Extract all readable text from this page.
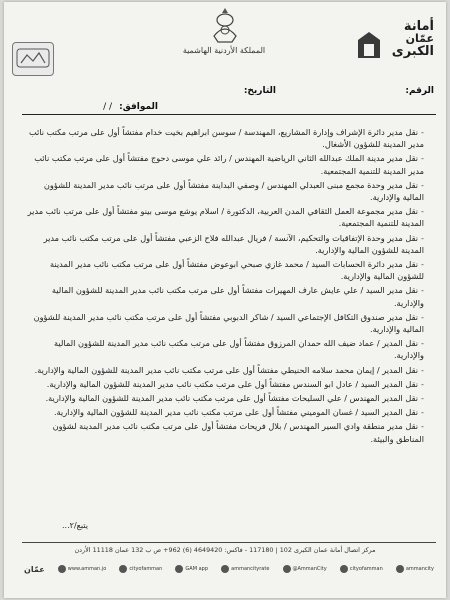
المملكة الأردنية الهاشمية
أمانة
عمّان
الكبرى
الرقم:
التاريخ:
الموافق:
/ /

-نقل مدير دائرة الإشراف وإدارة المشاريع، المهندسة / سوسن ابراهيم بخيت خدام مفتشاً أول على مرتب مكتب نائب مدير المدينة للشؤون الأشغال.

-نقل مدير مدينة الملك عبدالله الثاني الرياضية المهندس / رائد علي موسى دحوج مفتشاً أول على مرتب مكتب نائب مدير المدينة للتنمية المجتمعية.

-نقل مدير وحدة مجمع مبنى العبدلي المهندس / وصفي البداينة مفتشاً أول على مرتب نائب مدير المدينة للشؤون المالية والإدارية.

-نقل مدير مجموعة العمل الثقافي المدن العربية، الدكتورة / اسلام يوشع موسى بينو مفتشاً أول على مرتب نائب مدير المدينة للتنمية المجتمعية.

-نقل مدير وحدة الإتفاقيات والتحكيم، الآنسة / فريال عبدالله فلاح الزعبي مفتشاً أول على مرتب مكتب نائب مدير المدينة للشؤون المالية والإدارية.

-نقل مدير دائرة الحسابات السيد / محمد غازي صبحي ابوعوض مفتشاً أول على مرتب مكتب نائب مدير المدينة للشؤون المالية والإدارية.

-نقل مدير السيد / علي عايش عارف المهيرات مفتشاً أول على مرتب مكتب نائب مدير المدينة للشؤون المالية والإدارية.

-نقل مدير صندوق التكافل الإجتماعي السيد / شاكر الدبوبي مفتشاً أول على مرتب مكتب نائب مدير المدينة للشؤون المالية والإدارية.

-نقل المدير / عماد ضيف الله حمدان المرزوق مفتشاً أول على مرتب مكتب نائب مدير المدينة للشؤون المالية والإدارية.

-نقل المدير / إيمان محمد سلامه الحنيطي مفتشاً أول على مرتب مكتب نائب مدير المدينة للشؤون المالية والإدارية.

-نقل المدير السيد / عادل ابو السندس مفتشاً أول على مرتب مكتب نائب مدير المدينة للشؤون المالية والإدارية.

-نقل المدير المهندس / علي السليحات مفتشاً أول على مرتب مكتب نائب مدير المدينة للشؤون المالية والإدارية.

-نقل المدير السيد / غسان الموميني مفتشاً أول على مرتب مكتب نائب مدير المدينة للشؤون المالية والإدارية.

-نقل مدير منطقة وادي السير المهندس / بلال فريحات مفتشاً أول على مرتب مكتب نائب مدير المدينة لشؤون المناطق والبيئة.

يتبع/٢...
مركز اتصال أمانة عمان الكبرى 102 | 117180 - فاكس: 4649420 (6) 962+ ص ب 132 عمان 11118 الأردن
ammancity
cityofamman
@AmmanCity
ammancityrate
GAM app
cityofamman
www.amman.jo
عمّان
